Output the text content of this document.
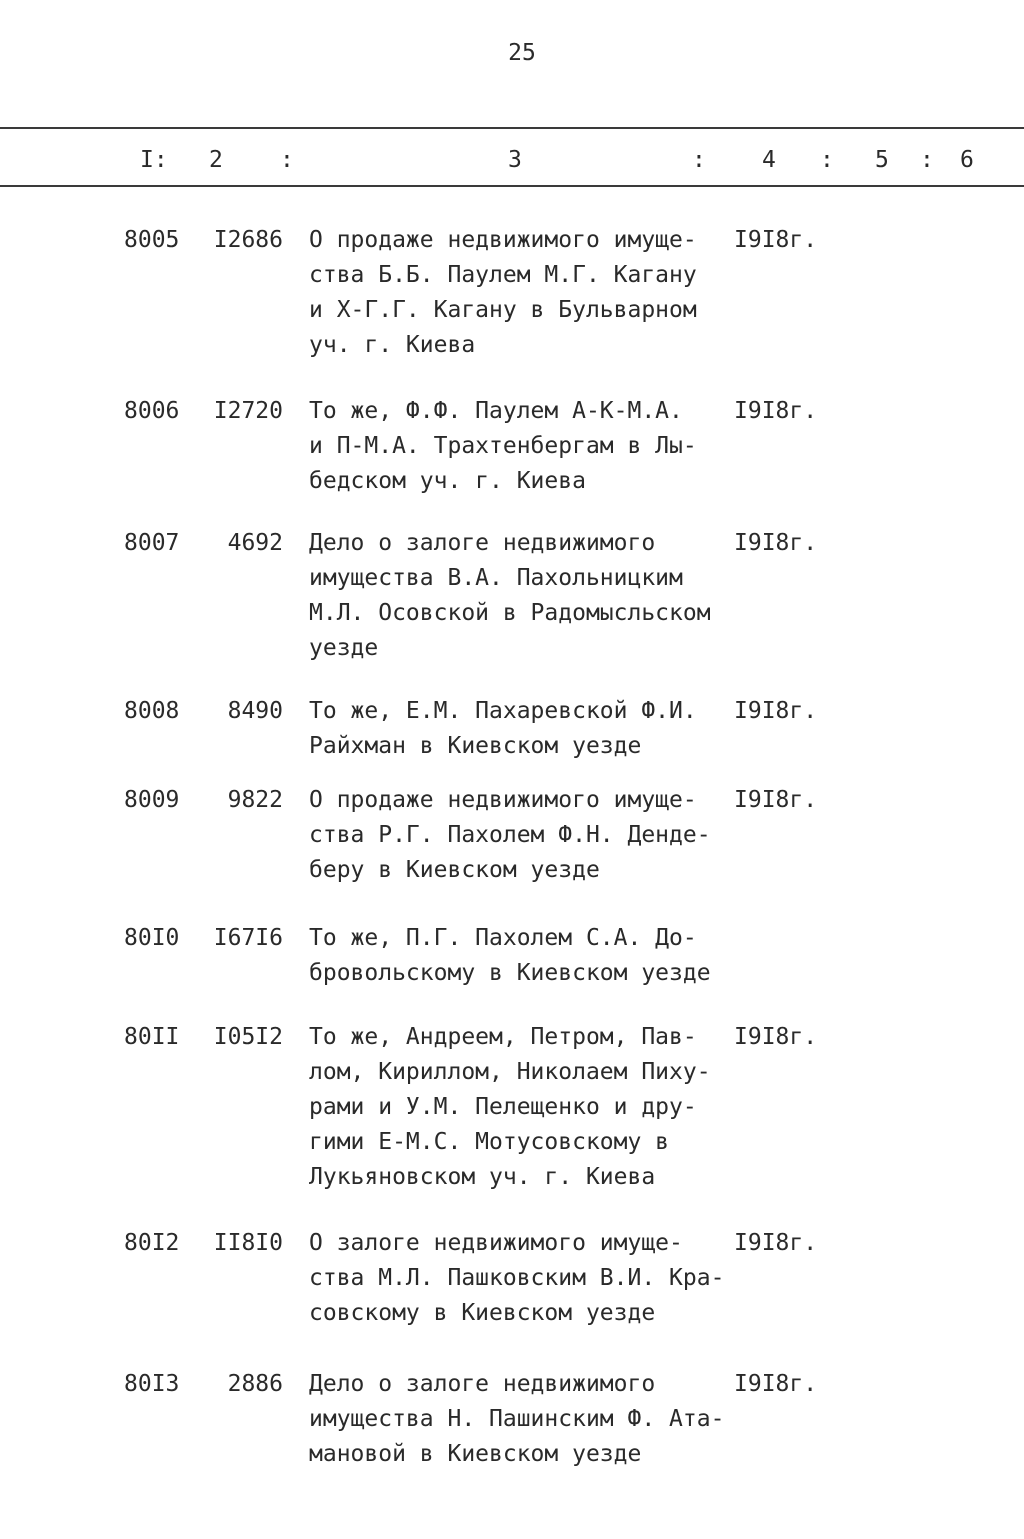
25
I: 2 :	3	: 4 : 5 : 6
8005	I2686 О продаже недвижимого имуще-
ства Б.Б. Паулем М.Г. Кагану
и Х-Г.Г. Кагану в Бульварном
уч. г. Киева
I9I8г.
8006	I2720 То же, Ф.Ф. Паулем А-К-М.А.
и П-М.А. Трахтенбергам в Лы-
бедском уч. г. Киева
I9I8г.
8007	4692 Дело о залоге недвижимого
имущества В.А. Пахольницким
М.Л. Осовской в Радомысльском
уезде
I9I8г.
8008	8490 То же, Е.М. Пахаревской Ф.И.
Райхман в Киевском уезде
I9I8г.
8009	9822 О продаже недвижимого имуще-
ства Р.Г. Пахолем Ф.Н. Денде-
беру в Киевском уезде
I9I8г.
80I0	I67I6 То же, П.Г. Пахолем С.А. До-
бровольскому в Киевском уезде
80II	I05I2 То же, Андреем, Петром, Пав-
лом, Кириллом, Николаем Пиху-
рами и У.М. Пелещенко и дру-
гими Е-М.С. Мотусовскому в
Лукьяновском уч. г. Киева
I9I8г.
80I2	II8I0 О залоге недвижимого имуще-
ства М.Л. Пашковским В.И. Кра-
совскому в Киевском уезде
I9I8г.
80I3	2886 Дело о залоге недвижимого
имущества Н. Пашинским Ф. Ата-
мановой в Киевском уезде
I9I8г.
